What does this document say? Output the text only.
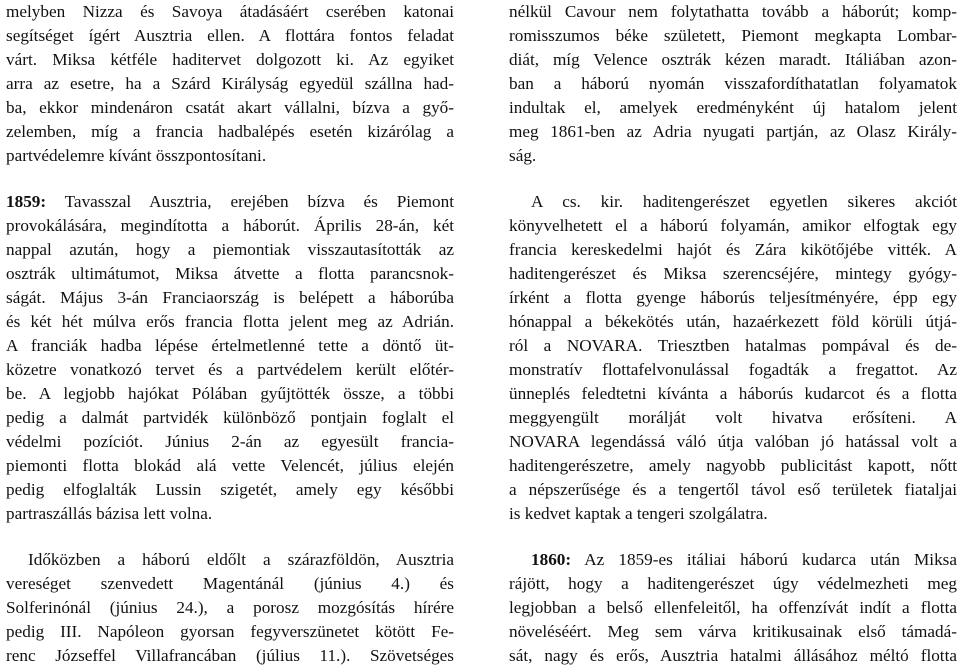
melyben Nizza és Savoya átadásáért cserében katonai
segítséget ígért Ausztria ellen. A flottára fontos feladat
várt. Miksa kétféle haditervet dolgozott ki. Az egyiket
arra az esetre, ha a Szárd Királyság egyedül szállna had-
ba, ekkor mindenáron csatát akart vállalni, bízva a győ-
zelemben, míg a francia hadbalépés esetén kizárólag a
partvédelemre kívánt összpontosítani.
1859: Tavasszal Ausztria, erejében bízva és Piemont
provokálására, megindította a háborút. Április 28-án, két
nappal azután, hogy a piemontiak visszautasították az
osztrák ultimátumot, Miksa átvette a flotta parancsnok-
ságát. Május 3-án Franciaország is belépett a háborúba
és két hét múlva erős francia flotta jelent meg az Adrián.
A franciák hadba lépése értelmetlenné tette a döntő üt-
közetre vonatkozó tervet és a partvédelem került előtér-
be. A legjobb hajókat Pólában gyűjtötték össze, a többi
pedig a dalmát partvidék különböző pontjain foglalt el
védelmi pozíciót. Június 2-án az egyesült francia-
piemonti flotta blokád alá vette Velencét, július elején
pedig elfoglalták Lussin szigetét, amely egy későbbi
partraszállás bázisa lett volna.
Időközben a háború eldőlt a szárazföldön, Ausztria
vereséget szenvedett Magentánál (június 4.) és
Solferinónál (június 24.), a porosz mozgósítás hírére
pedig III. Napóleon gyorsan fegyverszünetet kötött Fe-
renc Józseffel Villafrancában (július 11.). Szövetséges
nélkül Cavour nem folytathatta tovább a háborút; komp-
romisszumos béke született, Piemont megkapta Lombar-
diát, míg Velence osztrák kézen maradt. Itáliában azon-
ban a háború nyomán visszafordíthatatlan folyamatok
indultak el, amelyek eredményként új hatalom jelent
meg 1861-ben az Adria nyugati partján, az Olasz Király-
ság.
A cs. kir. haditengerészet egyetlen sikeres akciót
könyvelhetett el a háború folyamán, amikor elfogtak egy
francia kereskedelmi hajót és Zára kikötőjébe vitték. A
haditengerészet és Miksa szerencséjére, mintegy gyógy-
írként a flotta gyenge háborús teljesítményére, épp egy
hónappal a békekötés után, hazaérkezett föld körüli útjá-
ról a NOVARA. Triesztben hatalmas pompával és de-
monstratív flottafelvonulással fogadták a fregattot. Az
ünneplés feledtetni kívánta a háborús kudarcot és a flotta
meggyengült morálját volt hivatva erősíteni. A
NOVARA legendássá váló útja valóban jó hatással volt a
haditengerészetre, amely nagyobb publicitást kapott, nőtt
a népszerűsége és a tengertől távol eső területek fiataljai
is kedvet kaptak a tengeri szolgálatra.
1860: Az 1859-es itáliai háború kudarca után Miksa
rájött, hogy a haditengerészet úgy védelmezheti meg
legjobban a belső ellenfeleitől, ha offenzívát indít a flotta
növeléséért. Meg sem várva kritikusainak első támadá-
sát, nagy és erős, Ausztria hatalmi állásához méltó flotta
